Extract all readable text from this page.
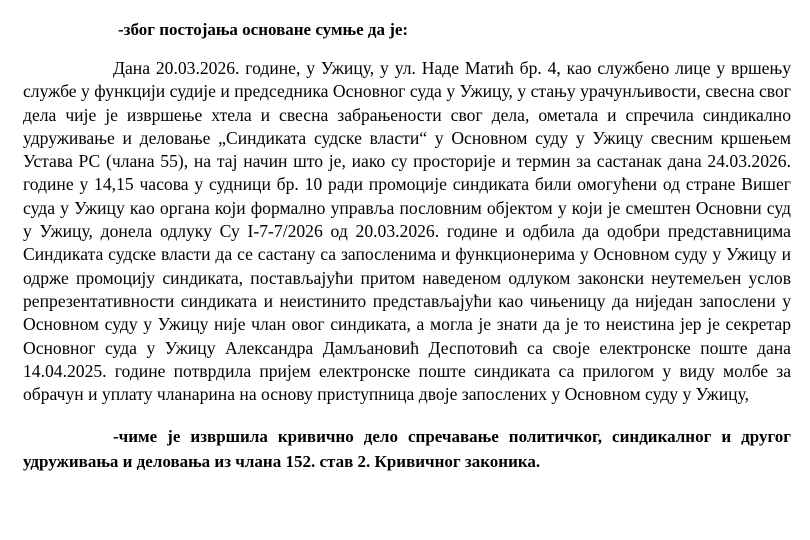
-због постојања основане сумње да је:

Дана 20.03.2026. године, у Ужицу, у ул. Наде Матић бр. 4, као службено лице у вршењу службе у функцији судије и председника Основног суда у Ужицу, у стању урачунљивости, свесна свог дела чије је извршење хтела и свесна забрањености свог дела, ометала и спречила синдикално удруживање и деловање „Синдиката судске власти“ у Основном суду у Ужицу свесним кршењем Устава РС (члана 55), на тај начин што је, иако су просторије и термин за састанак дана 24.03.2026. године у 14,15 часова у судници бр. 10 ради промоције синдиката били омогућени од стране Вишег суда у Ужицу као органа који формално управља пословним објектом у који је смештен Основни суд у Ужицу, донела одлуку Су I-7-7/2026 од 20.03.2026. године и одбила да одобри представницима Синдиката судске власти да се састану са запосленима и функционерима у Основном суду у Ужицу и одрже промоцију синдиката, постављајући притом наведеном одлуком законски неутемељен услов репрезентативности синдиката и неистинито представљајући као чињеницу да ниједан запослени у Основном суду у Ужицу није члан овог синдиката, а могла је знати да је то неистина јер је секретар Основног суда у Ужицу Александра Дамљановић Деспотовић са своје електронске поште дана 14.04.2025. године потврдила пријем електронске поште синдиката са прилогом у виду молбе за обрачун и уплату чланарина на основу приступница двоје запослених у Основном суду у Ужицу,

-чиме је извршила кривично дело спречавање политичког, синдикалног и другог удруживања и деловања из члана 152. став 2. Кривичног законика.
